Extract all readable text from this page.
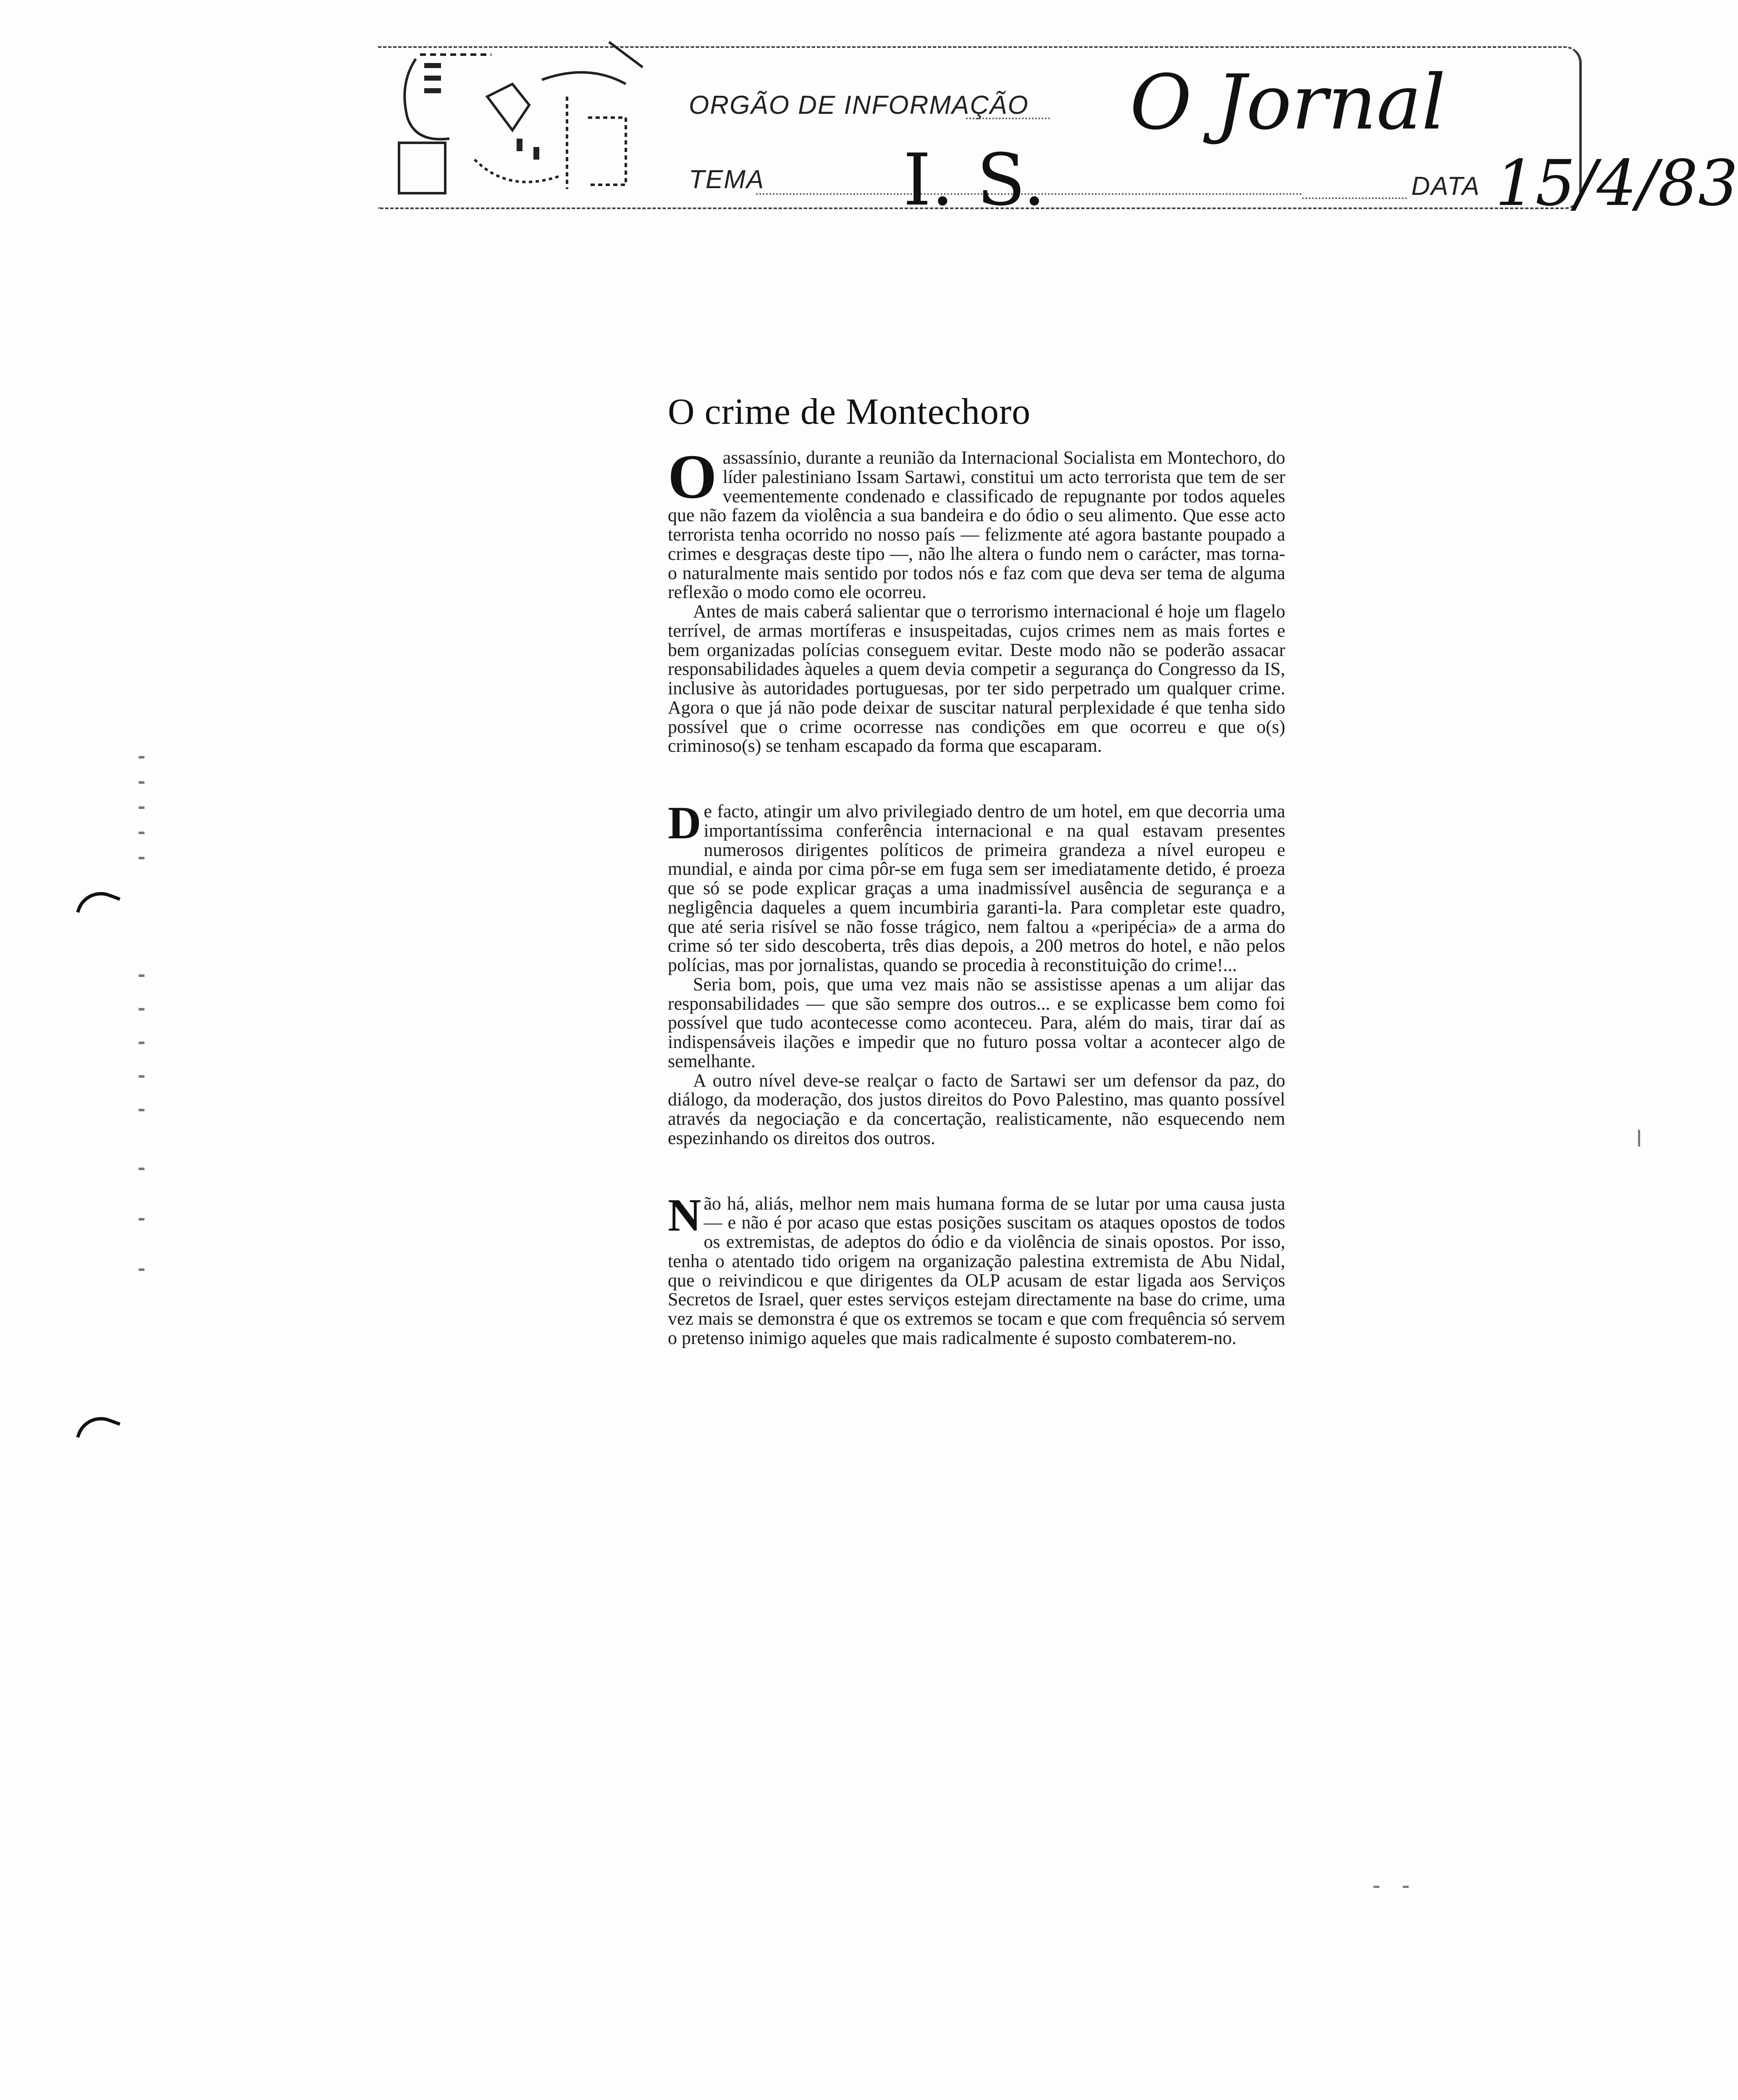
ORGÃO DE INFORMAÇÃO O Jornal
TEMA I. S.	DATA 15/4/83
O crime de Montechoro
O assassínio, durante a reunião da Internacional Socialista em Montechoro, do líder palestiniano Issam Sartawi, constitui um acto terrorista que tem de ser veementemente condenado e classificado de repugnante por todos aqueles que não fazem da violência a sua bandeira e do ódio o seu alimento. Que esse acto terrorista tenha ocorrido no nosso país — felizmente até agora bastante poupado a crimes e desgraças deste tipo —, não lhe altera o fundo nem o carácter, mas torna-o naturalmente mais sentido por todos nós e faz com que deva ser tema de alguma reflexão o modo como ele ocorreu.

Antes de mais caberá salientar que o terrorismo internacional é hoje um flagelo terrível, de armas mortíferas e insuspeitadas, cujos crimes nem as mais fortes e bem organizadas polícias conseguem evitar. Deste modo não se poderão assacar responsabilidades àqueles a quem devia competir a segurança do Congresso da IS, inclusive às autoridades portuguesas, por ter sido perpetrado um qualquer crime. Agora o que já não pode deixar de suscitar natural perplexidade é que tenha sido possível que o crime ocorresse nas condições em que ocorreu e que o(s) criminoso(s) se tenham escapado da forma que escaparam.

D e facto, atingir um alvo privilegiado dentro de um hotel, em que decorria uma importantíssima conferência internacional e na qual estavam presentes numerosos dirigentes políticos de primeira grandeza a nível europeu e mundial, e ainda por cima pôr-se em fuga sem ser imediatamente detido, é proeza que só se pode explicar graças a uma inadmissível ausência de segurança e a negligência daqueles a quem incumbiria garanti-la. Para completar este quadro, que até seria risível se não fosse trágico, nem faltou a «peripécia» de a arma do crime só ter sido descoberta, três dias depois, a 200 metros do hotel, e não pelos polícias, mas por jornalistas, quando se procedia à reconstituição do crime!...

Seria bom, pois, que uma vez mais não se assistisse apenas a um alijar das responsabilidades — que são sempre dos outros... e se explicasse bem como foi possível que tudo acontecesse como aconteceu. Para, além do mais, tirar daí as indispensáveis ilações e impedir que no futuro possa voltar a acontecer algo de semelhante.

A outro nível deve-se realçar o facto de Sartawi ser um defensor da paz, do diálogo, da moderação, dos justos direitos do Povo Palestino, mas quanto possível através da negociação e da concertação, realisticamente, não esquecendo nem espezinhando os direitos dos outros.

N ão há, aliás, melhor nem mais humana forma de se lutar por uma causa justa — e não é por acaso que estas posições suscitam os ataques opostos de todos os extremistas, de adeptos do ódio e da violência de sinais opostos. Por isso, tenha o atentado tido origem na organização palestina extremista de Abu Nidal, que o reivindicou e que dirigentes da OLP acusam de estar ligada aos Serviços Secretos de Israel, quer estes serviços estejam directamente na base do crime, uma vez mais se demonstra é que os extremos se tocam e que com frequência só servem o pretenso inimigo aqueles que mais radicalmente é suposto combaterem-no.
